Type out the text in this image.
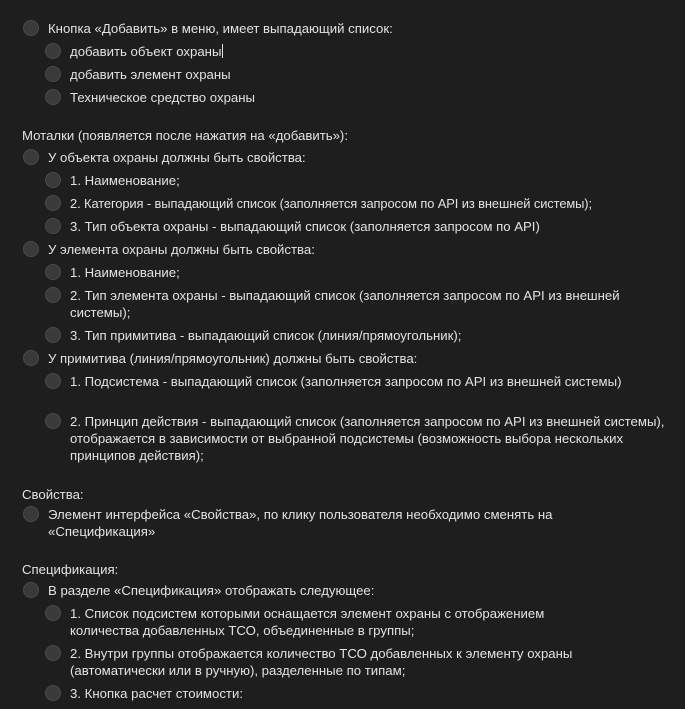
Кнопка «Добавить» в меню, имеет выпадающий список:
добавить объект охраны
добавить элемент охраны
Техническое средство охраны
Моталки (появляется после нажатия на «добавить»):
У объекта охраны должны быть свойства:
1. Наименование;
2. Категория - выпадающий список (заполняется запросом по API из внешней системы);
3. Тип объекта охраны - выпадающий список (заполняется запросом по API)
У элемента охраны должны быть свойства:
1. Наименование;
2. Тип элемента охраны - выпадающий список (заполняется запросом по API из внешней системы);
3. Тип примитива - выпадающий список (линия/прямоугольник);
У примитива (линия/прямоугольник) должны быть свойства:
1. Подсистема - выпадающий список (заполняется запросом по API из внешней системы)
2. Принцип действия - выпадающий список (заполняется запросом по API из внешней системы), отображается в зависимости от выбранной подсистемы (возможность выбора нескольких принципов действия);
Свойства:
Элемент интерфейса «Свойства», по клику пользователя необходимо сменять на «Спецификация»
Спецификация:
В разделе «Спецификация» отображать следующее:
1. Список подсистем которыми оснащается элемент охраны с отображением количества добавленных ТСО, объединенные в группы;
2. Внутри группы отображается количество ТСО добавленных к элементу охраны (автоматически или в ручную), разделенные по типам;
3. Кнопка расчет стоимости:
